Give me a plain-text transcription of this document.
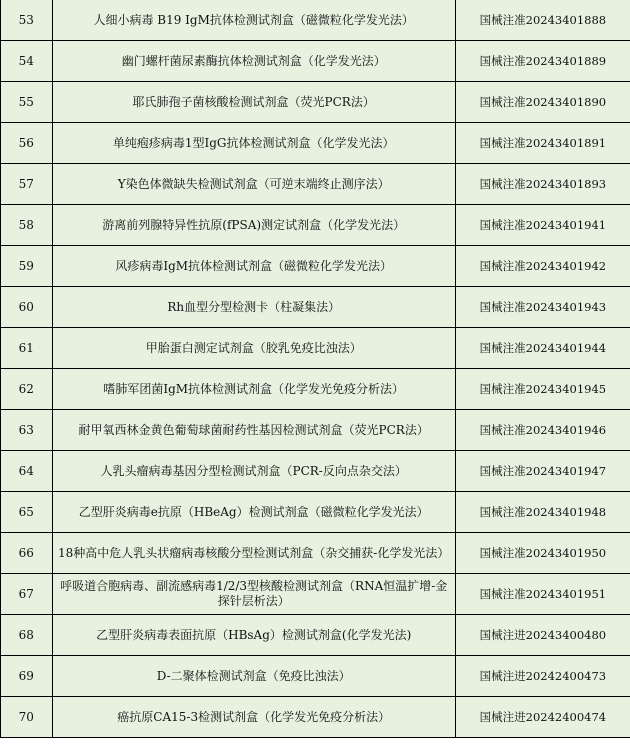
53	人细小病毒 B19 IgM抗体检测试剂盒（磁微粒化学发光法）	国械注准20243401888
54	幽门螺杆菌尿素酶抗体检测试剂盒（化学发光法）	国械注准20243401889
55	耶氏肺孢子菌核酸检测试剂盒（荧光PCR法）	国械注准20243401890
56	单纯疱疹病毒1型IgG抗体检测试剂盒（化学发光法）	国械注准20243401891
57	Y染色体微缺失检测试剂盒（可逆末端终止测序法）	国械注准20243401893
58	游离前列腺特异性抗原(fPSA)测定试剂盒（化学发光法）	国械注准20243401941
59	风疹病毒IgM抗体检测试剂盒（磁微粒化学发光法）	国械注准20243401942
60	Rh血型分型检测卡（柱凝集法）	国械注准20243401943
61	甲胎蛋白测定试剂盒（胶乳免疫比浊法）	国械注准20243401944
62	嗜肺军团菌IgM抗体检测试剂盒（化学发光免疫分析法）	国械注准20243401945
63	耐甲氧西林金黄色葡萄球菌耐药性基因检测试剂盒（荧光PCR法）	国械注准20243401946
64	人乳头瘤病毒基因分型检测试剂盒（PCR-反向点杂交法）	国械注准20243401947
65	乙型肝炎病毒e抗原（HBeAg）检测试剂盒（磁微粒化学发光法）	国械注准20243401948
66	18种高中危人乳头状瘤病毒核酸分型检测试剂盒（杂交捕获-化学发光法）	国械注准20243401950
67	呼吸道合胞病毒、副流感病毒1/2/3型核酸检测试剂盒（RNA恒温扩增-金探针层析法）	国械注准20243401951
68	乙型肝炎病毒表面抗原（HBsAg）检测试剂盒(化学发光法)	国械注进20243400480
69	D-二聚体检测试剂盒（免疫比浊法）	国械注进20242400473
70	癌抗原CA15-3检测试剂盒（化学发光免疫分析法）	国械注进20242400474
